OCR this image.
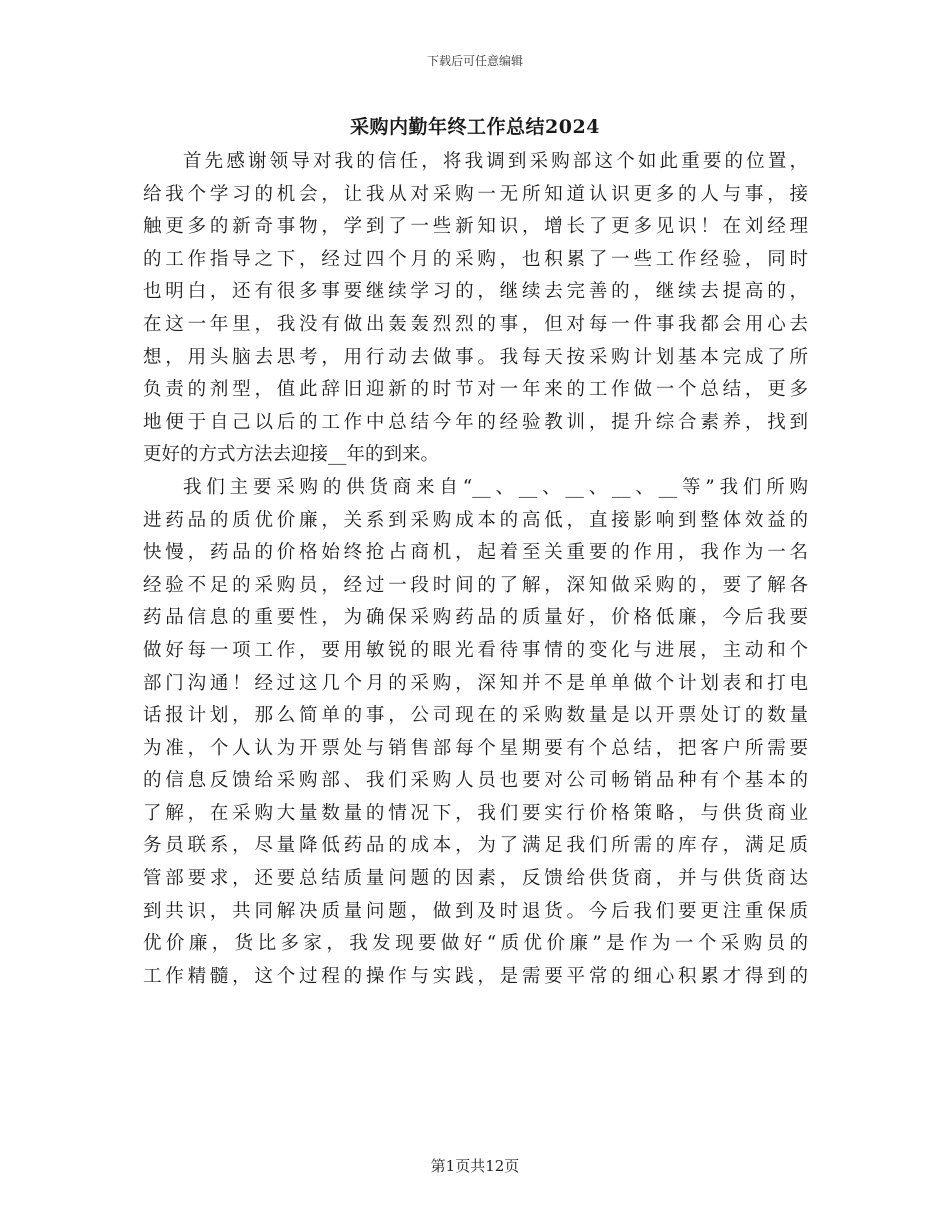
下载后可任意编辑
采购内勤年终工作总结2024
首先感谢领导对我的信任，将我调到采购部这个如此重要的位置，
给我个学习的机会，让我从对采购一无所知道认识更多的人与事，接
触更多的新奇事物，学到了一些新知识，增长了更多见识！在刘经理
的工作指导之下，经过四个月的采购，也积累了一些工作经验，同时
也明白，还有很多事要继续学习的，继续去完善的，继续去提高的，
在这一年里，我没有做出轰轰烈烈的事，但对每一件事我都会用心去
想，用头脑去思考，用行动去做事。我每天按采购计划基本完成了所
负责的剂型，值此辞旧迎新的时节对一年来的工作做一个总结，更多
地便于自己以后的工作中总结今年的经验教训，提升综合素养，找到
更好的方式方法去迎接__年的到来。
我们主要采购的供货商来自“__、__、__、__、__等”我们所购
进药品的质优价廉，关系到采购成本的高低，直接影响到整体效益的
快慢，药品的价格始终抢占商机，起着至关重要的作用，我作为一名
经验不足的采购员，经过一段时间的了解，深知做采购的，要了解各
药品信息的重要性，为确保采购药品的质量好，价格低廉，今后我要
做好每一项工作，要用敏锐的眼光看待事情的变化与进展，主动和个
部门沟通！经过这几个月的采购，深知并不是单单做个计划表和打电
话报计划，那么简单的事，公司现在的采购数量是以开票处订的数量
为准，个人认为开票处与销售部每个星期要有个总结，把客户所需要
的信息反馈给采购部、我们采购人员也要对公司畅销品种有个基本的
了解，在采购大量数量的情况下，我们要实行价格策略，与供货商业
务员联系，尽量降低药品的成本，为了满足我们所需的库存，满足质
管部要求，还要总结质量问题的因素，反馈给供货商，并与供货商达
到共识，共同解决质量问题，做到及时退货。今后我们要更注重保质
优价廉，货比多家，我发现要做好“质优价廉”是作为一个采购员的
工作精髓，这个过程的操作与实践，是需要平常的细心积累才得到的
第1页共12页
